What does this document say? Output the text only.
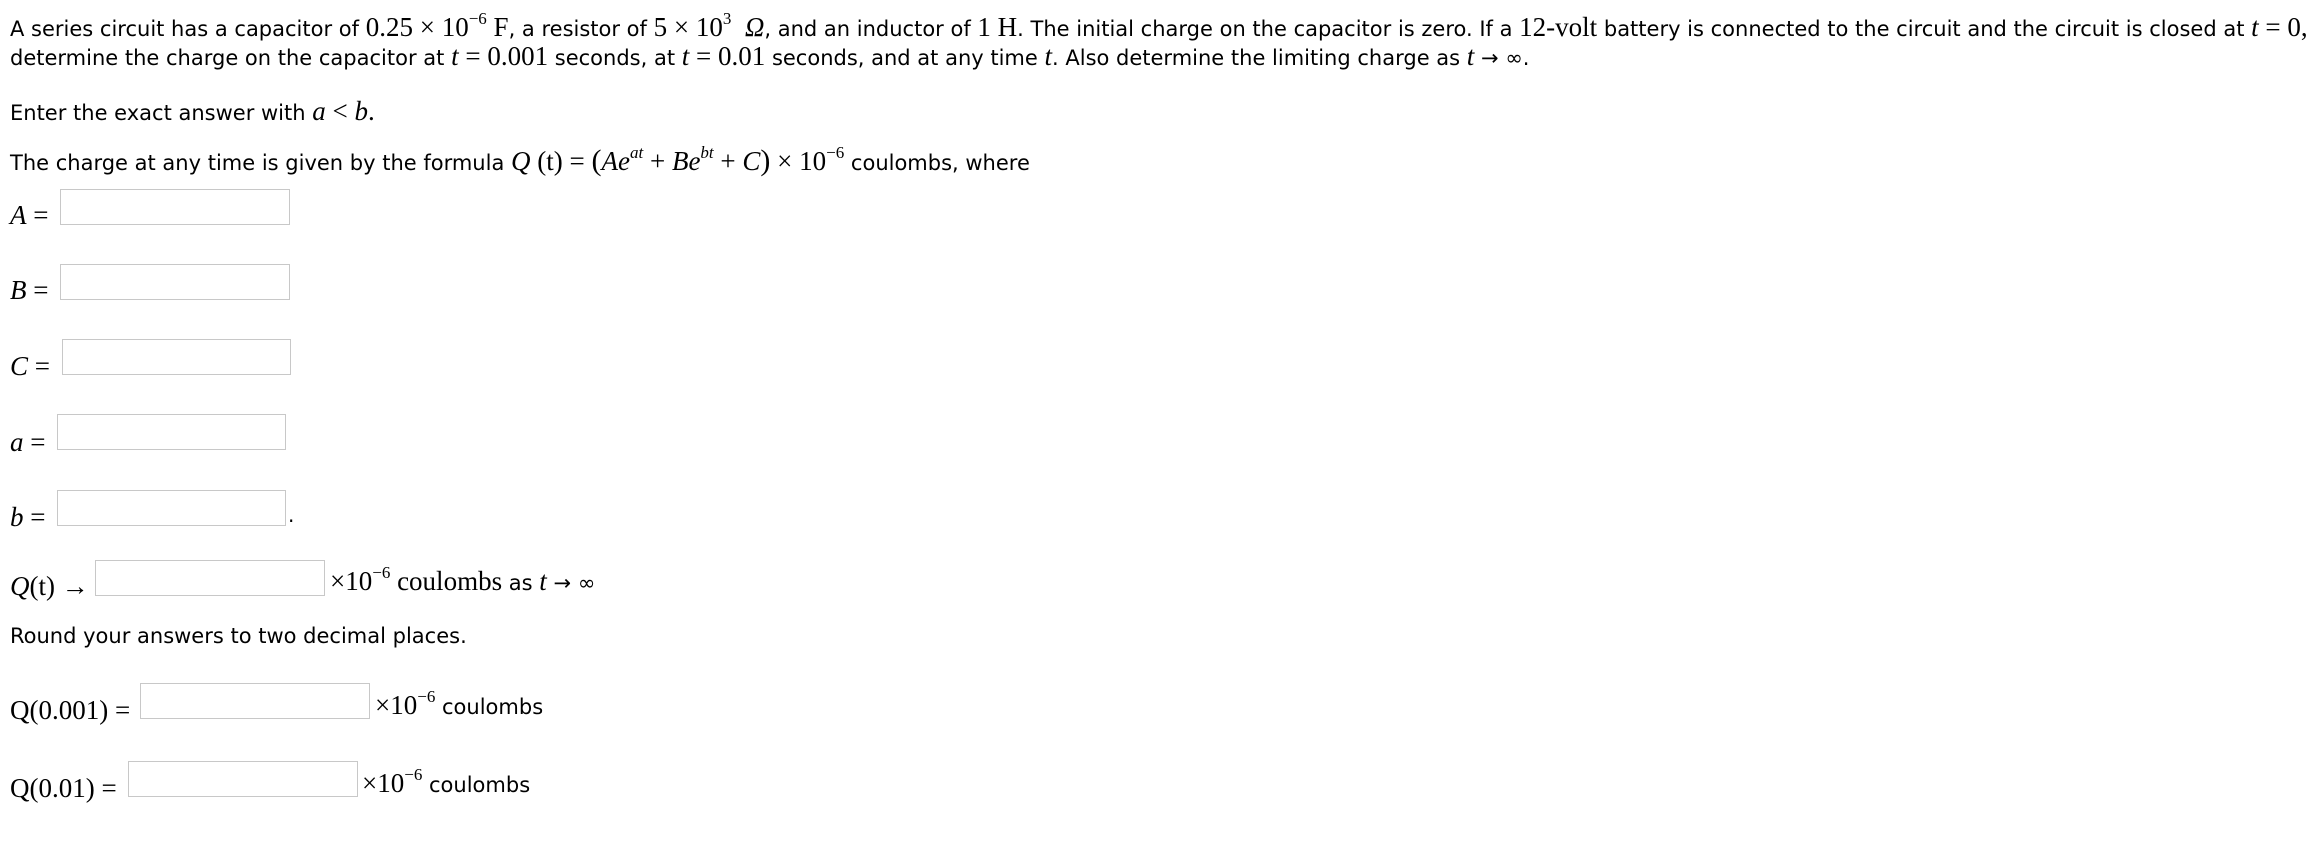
A series circuit has a capacitor of $0.25 \times 10^{-6}$ F, a resistor of $5 \times 10^3$ Ω, and an inductor of 1 H. The initial charge on the capacitor is zero. If a 12-volt battery is connected to the circuit and the circuit is closed at t = 0,
determine the charge on the capacitor at t = 0.001 seconds, at t = 0.01 seconds, and at any time t. Also determine the limiting charge as t → ∞.
Enter the exact answer with a < b.
The charge at any time is given by the formula Q $(t) = (Ae^{at} + Be^{bt} + C) \times 10^{-6}$ coulombs, where
A =
B =
C =
a =
b =	.
Q(t) →	$\times 10^{-6}$ coulombs as t → ∞
Round your answers to two decimal places.
Q(0.001) =	$\times 10^{-6}$ coulombs
Q(0.01) =	$\times 10^{-6}$ coulombs
